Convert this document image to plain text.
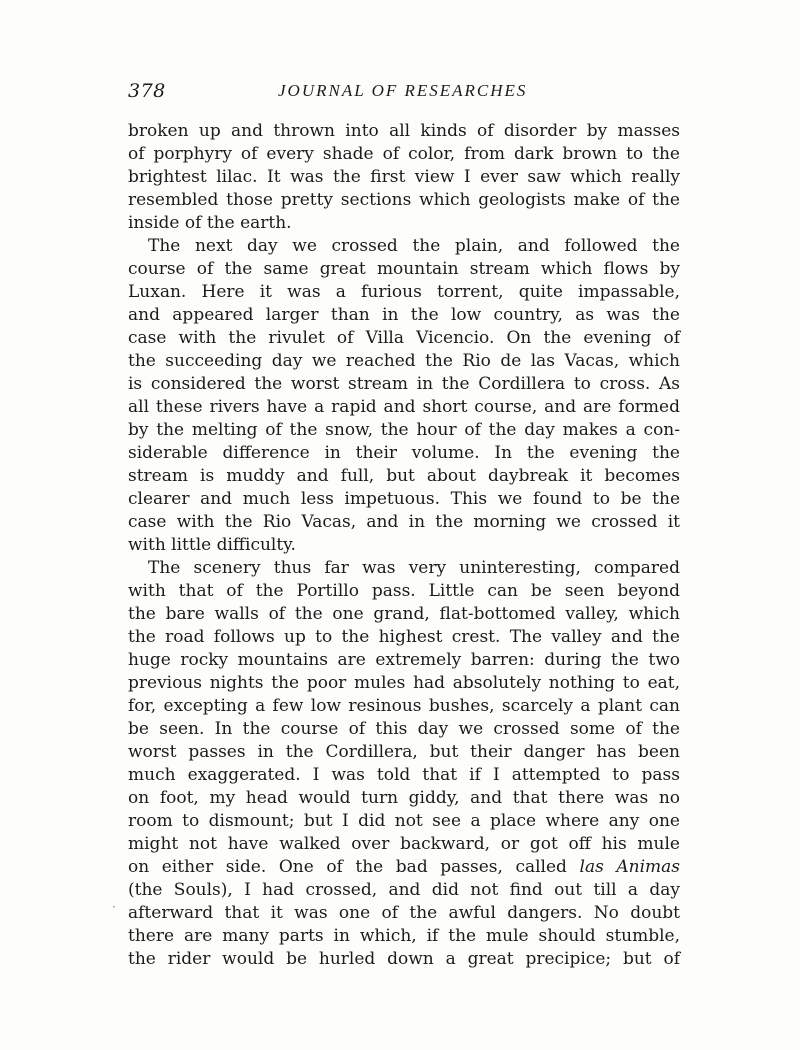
378	JOURNAL OF RESEARCHES
broken up and thrown into all kinds of disorder by masses
of porphyry of every shade of color, from dark brown to the
brightest lilac. It was the first view I ever saw which really
resembled those pretty sections which geologists make of the
inside of the earth.
The next day we crossed the plain, and followed the
course of the same great mountain stream which flows by
Luxan. Here it was a furious torrent, quite impassable,
and appeared larger than in the low country, as was the
case with the rivulet of Villa Vicencio. On the evening of
the succeeding day we reached the Rio de las Vacas, which
is considered the worst stream in the Cordillera to cross. As
all these rivers have a rapid and short course, and are formed
by the melting of the snow, the hour of the day makes a con-
siderable difference in their volume. In the evening the
stream is muddy and full, but about daybreak it becomes
clearer and much less impetuous. This we found to be the
case with the Rio Vacas, and in the morning we crossed it
with little difficulty.
The scenery thus far was very uninteresting, compared
with that of the Portillo pass. Little can be seen beyond
the bare walls of the one grand, flat-bottomed valley, which
the road follows up to the highest crest. The valley and the
huge rocky mountains are extremely barren: during the two
previous nights the poor mules had absolutely nothing to eat,
for, excepting a few low resinous bushes, scarcely a plant can
be seen. In the course of this day we crossed some of the
worst passes in the Cordillera, but their danger has been
much exaggerated. I was told that if I attempted to pass
on foot, my head would turn giddy, and that there was no
room to dismount; but I did not see a place where any one
might not have walked over backward, or got off his mule
on either side. One of the bad passes, called las Animas
(the Souls), I had crossed, and did not find out till a day
afterward that it was one of the awful dangers. No doubt
there are many parts in which, if the mule should stumble,
the rider would be hurled down a great precipice; but of
·
